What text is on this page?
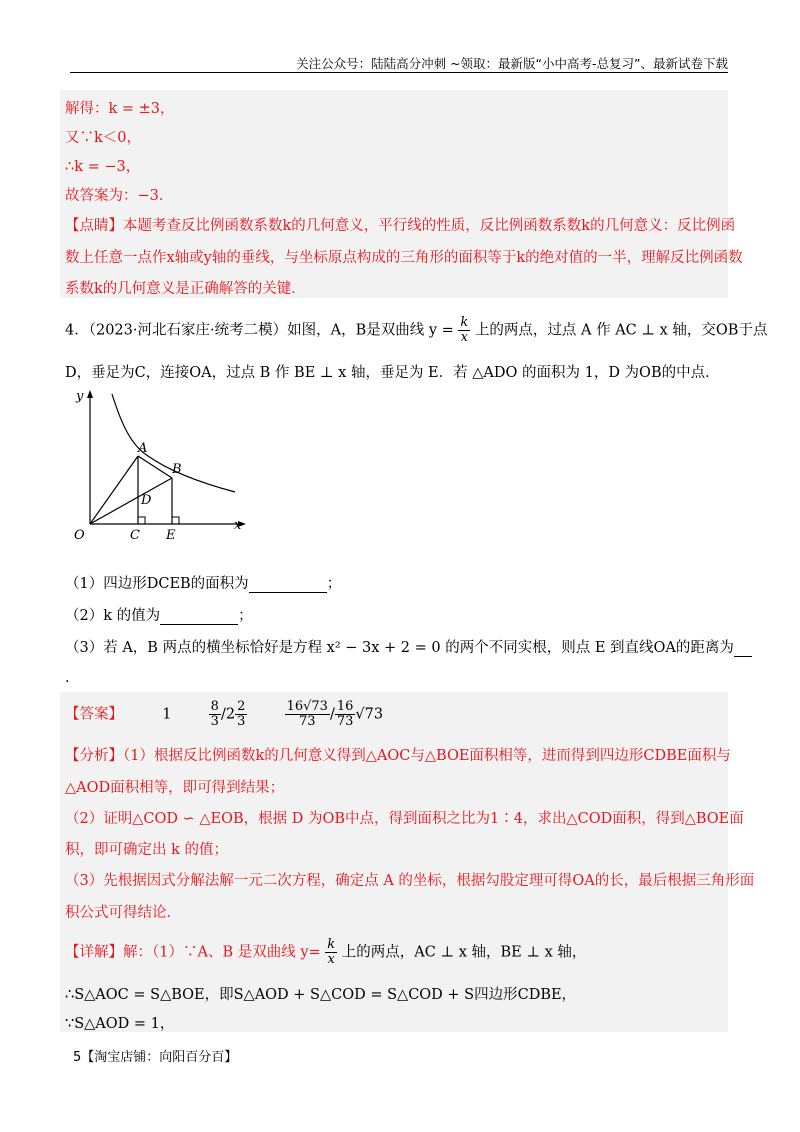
关注公众号：陆陆高分冲刺 ~领取：最新版“小中高考-总复习”、最新试卷下载
解得：k = ±3，
又∵k＜0，
∴k = −3，
故答案为：−3．
【点睛】本题考查反比例函数系数k的几何意义，平行线的性质，反比例函数系数k的几何意义：反比例函
数上任意一点作x轴或y轴的垂线，与坐标原点构成的三角形的面积等于k的绝对值的一半，理解反比例函数
系数k的几何意义是正确解答的关键．
4．（2023·河北石家庄·统考二模）如图，A，B是双曲线 $y = \frac{k}{x}$ 上的两点，过点 A 作 AC ⊥ x 轴，交OB于点
D，垂足为C，连接OA，过点 B 作 BE ⊥ x 轴，垂足为 E．若 △ADO 的面积为 1，D 为OB的中点．
y
x
O
A
B
C
D
E
（1）四边形DCEB的面积为	；
（2）k 的值为	；
（3）若 A，B 两点的横坐标恰好是方程 x² − 3x + 2 = 0 的两个不同实根，则点 E 到直线OA的距离为
．
【答案】	1	$\frac{8}{3} /2 \frac{2}{3}$
	$\frac{16√73}{73} / \frac{16}{73} √73$
【分析】（1）根据反比例函数k的几何意义得到△AOC与△BOE面积相等，进而得到四边形CDBE面积与
△AOD面积相等，即可得到结果；
（2）证明△COD ∽ △EOB，根据 D 为OB中点，得到面积之比为1∶4，求出△COD面积，得到△BOE面
积，即可确定出 k 的值；
（3）先根据因式分解法解一元二次方程，确定点 A 的坐标，根据勾股定理可得OA的长，最后根据三角形面
积公式可得结论．
【详解】解：（1）∵A、B 是双曲线 $y= \frac{k}{x}$ 上的两点，AC ⊥ x 轴，BE ⊥ x 轴，
∴S△AOC = S△BOE，即S△AOD + S△COD = S△COD + S四边形CDBE，
∵S△AOD = 1，
5【淘宝店铺：向阳百分百】
